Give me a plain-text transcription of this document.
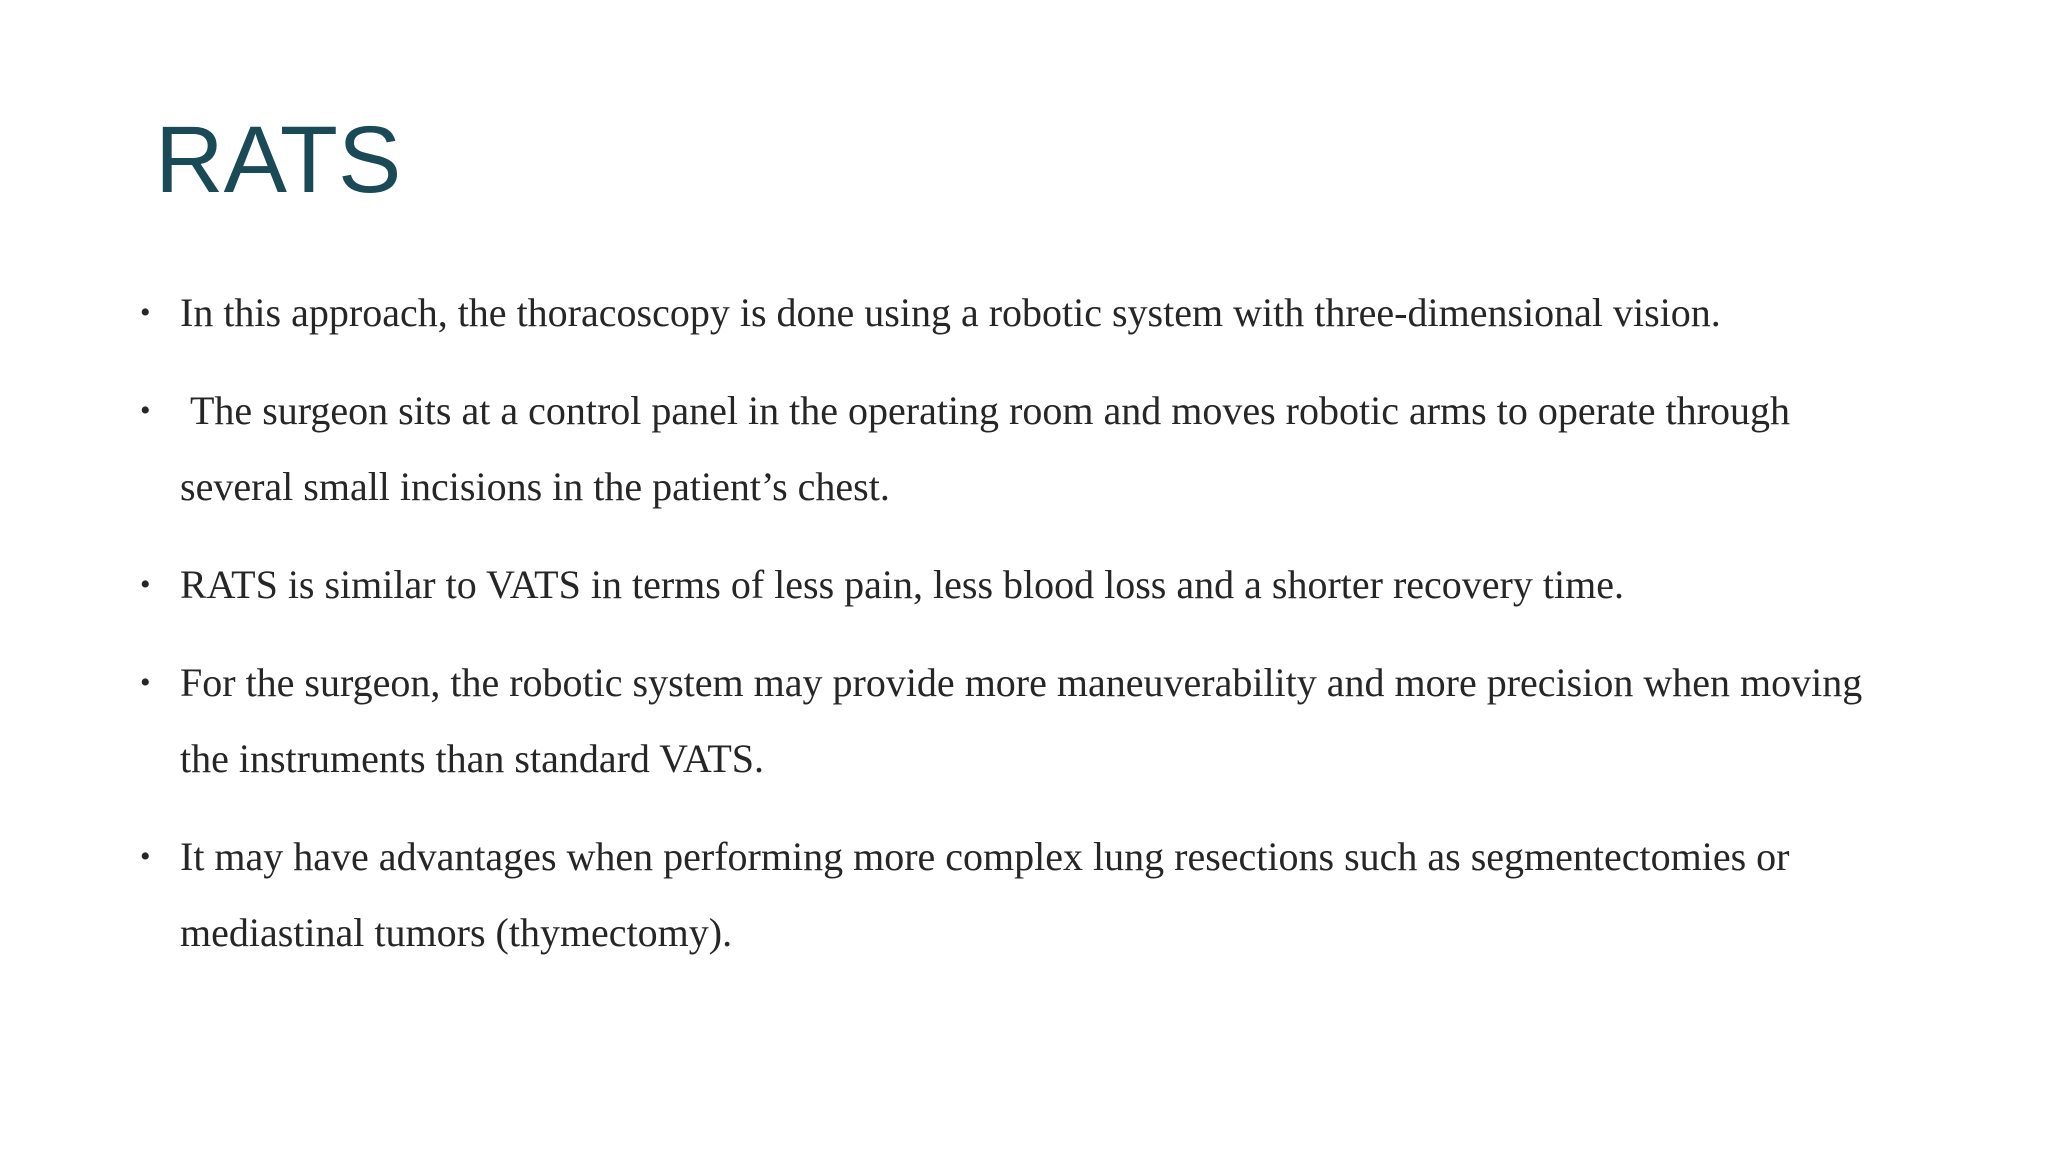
RATS
• In this approach, the thoracoscopy is done using a robotic system with three-dimensional vision.
• The surgeon sits at a control panel in the operating room and moves robotic arms to operate through several small incisions in the patient’s chest.
• RATS is similar to VATS in terms of less pain, less blood loss and a shorter recovery time.
• For the surgeon, the robotic system may provide more maneuverability and more precision when moving the instruments than standard VATS.
• It may have advantages when performing more complex lung resections such as segmentectomies or mediastinal tumors (thymectomy).
